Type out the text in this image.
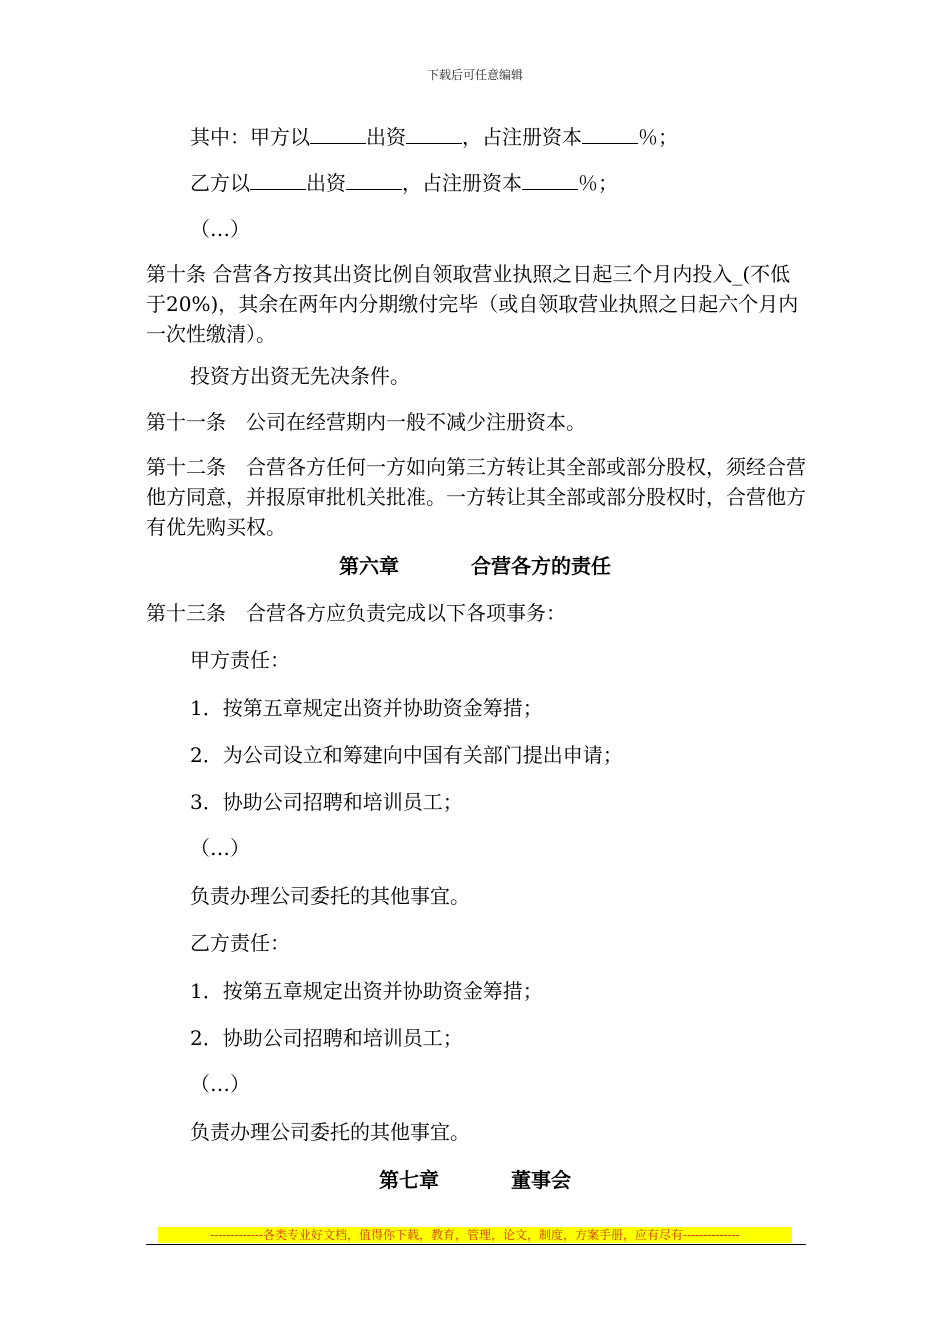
下载后可任意编辑
其中：甲方以	出资	，占注册资本	％；
乙方以	出资	，占注册资本	％；
（…）
第十条 合营各方按其出资比例自领取营业执照之日起三个月内投入_(不低于20%)，其余在两年内分期缴付完毕（或自领取营业执照之日起六个月内一次性缴清）。
投资方出资无先决条件。
第十一条　公司在经营期内一般不减少注册资本。
第十二条　合营各方任何一方如向第三方转让其全部或部分股权，须经合营他方同意，并报原审批机关批准。一方转让其全部或部分股权时，合营他方有优先购买权。
第六章	合营各方的责任
第十三条　合营各方应负责完成以下各项事务：
甲方责任：
1．按第五章规定出资并协助资金筹措；
2．为公司设立和筹建向中国有关部门提出申请；
3．协助公司招聘和培训员工；
（…）
负责办理公司委托的其他事宜。
乙方责任：
1．按第五章规定出资并协助资金筹措；
2．协助公司招聘和培训员工；
（…）
负责办理公司委托的其他事宜。
第七章	董事会
-------------各类专业好文档，值得你下载，教育，管理，论文，制度，方案手册，应有尽有--------------
